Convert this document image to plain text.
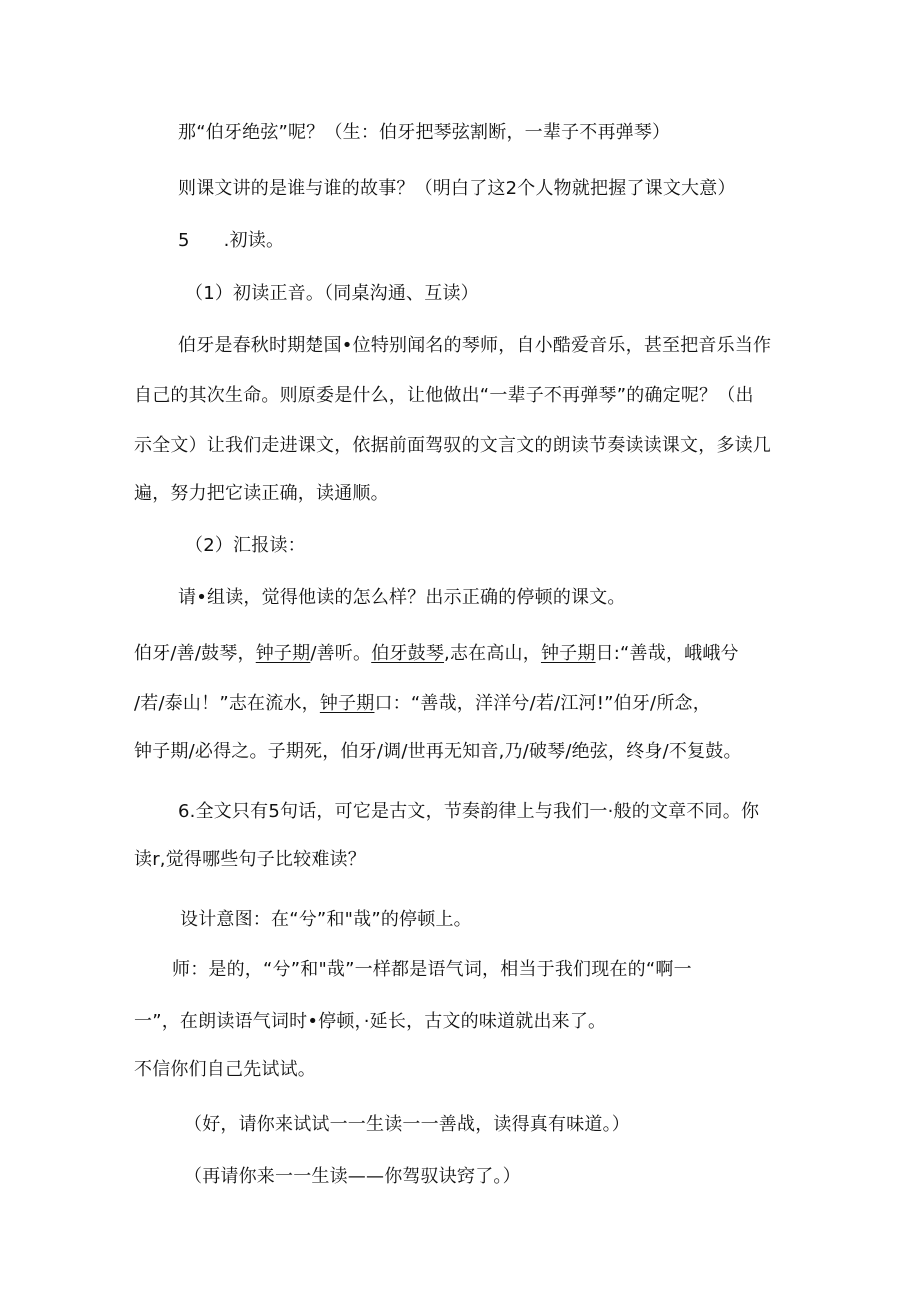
那“伯牙绝弦”呢？（生：伯牙把琴弦割断，一辈子不再弹琴）
则课文讲的是谁与谁的故事？（明白了这2个人物就把握了课文大意）
5 .初读。
（1）初读正音。（同桌沟通、互读）
伯牙是春秋时期楚国•位特别闻名的琴师，自小酷爱音乐，甚至把音乐当作
自己的其次生命。则原委是什么，让他做出“一辈子不再弹琴”的确定呢？（出
示全文）让我们走进课文，依据前面驾驭的文言文的朗读节奏读读课文，多读几
遍，努力把它读正确，读通顺。
（2）汇报读：
请•组读，觉得他读的怎么样？出示正确的停顿的课文。
伯牙/善/鼓琴，钟子期/善听。伯牙鼓琴,志在高山，钟子期日:“善哉，峨峨兮
/若/泰山！”志在流水，钟子期口：“善哉，洋洋兮/若/江河!”伯牙/所念，
钟子期/必得之。子期死，伯牙/调/世再无知音,乃/破琴/绝弦，终身/不复鼓。
6.全文只有5句话，可它是古文，节奏韵律上与我们一·般的文章不同。你
读r,觉得哪些句子比较难读？
设计意图：在“兮”和"哉”的停顿上。
师：是的，“兮”和"哉”一样都是语气词，相当于我们现在的“啊一
一”，在朗读语气词时•停顿，·延长，古文的味道就出来了。
不信你们自己先试试。
（好，请你来试试一一生读一一善战，读得真有味道。）
（再请你来一一生读——你驾驭诀窍了。）
